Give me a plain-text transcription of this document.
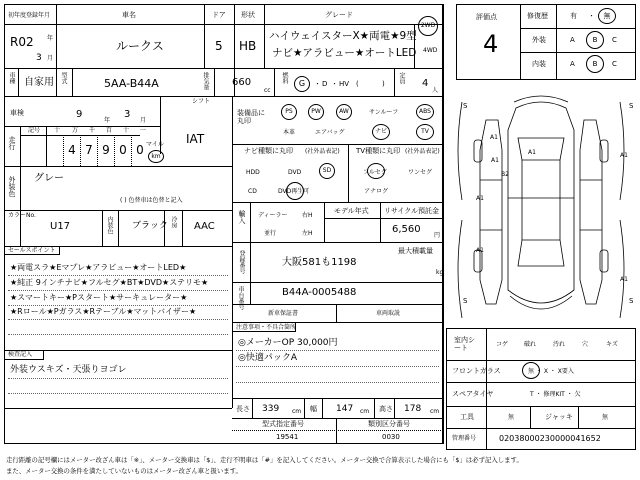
初年度登録年月	車名	ドア 形状	グレード
R02 年
3 月
ルークス	5 HB
ハイウェイスターX★両電★9型
ナビ★アラビュー★オートLED
2WD
4WD
車種 自家用 型式	5AA-B44A	排気量 660
cc
燃料 G ・ D ・ HV (	) 定員 4
人
車検	9
年
3
月
シフト
IAT
走行
記号 十 万 千 百 十 一
4 7 9 0 0 マイル
km
外装色 グレー
( ) 色替車は色替と記入
カラーNo.
U17	内装色 ブラック 冷房 AAC
セールスポイント
★両電スラ★Eマプレ★アラビュー★オートLED★
★純正 9インチナビ★フルセグ★BT★DVD★ステリモ★
★スマートキー★Pスタート★サーキュレーター★
★Rロール★Pガラス★Rテーブル★マットバイザー★
検査記入
外装ウスキズ・天張りヨゴレ
装備品に丸印
PS	PW	AW	サンルーフ	ABS
本革	エアバッグ	ナビ	TV
ナビ種類に丸印 (社外品表記) TV種類に丸印 (社外品表記)
HDD	DVD	SD
CD	DVD再生可
フルセグ	ワンセグ
アナログ
輸入 ディーラー
並行
右H
左H
モデル年式 リサイクル預託金
6,560
円
登録番号	最大積載量
大阪581も1198
kg
車台番号	B44A-0005488
新車保証書	車両取説
注意事項・不具合箇所
◎メーカーOP 30,000円
◎快適パックA
長さ 339 cm 幅 147 cm 高さ 178 cm
型式指定番号
19541
類別区分番号
0030
評価点
4
修復歴	有 ・ 無
外装	A	B C
内装	A	B C
S	S
S	S
A1
A1	A1
A1
B2
A1
A1
A1
室内シート	コゲ	破れ	汚れ	穴	キズ
フロントガラス	無 ・ X ・ X要入
スペアタイヤ	T ・ 修理KIT ・ 欠
工具	無	ジャッキ	無
管理番号	02038000230000041652
走行距離の記号欄にはメーター改ざん車は「※」、メーター交換車は「$」、走行不明車は「#」を記入してください。メーター交換で合算表示した場合にも「$」は必ず記入します。
また、メーター交換の条件を満たしていないものはメーター改ざん車と扱います。
